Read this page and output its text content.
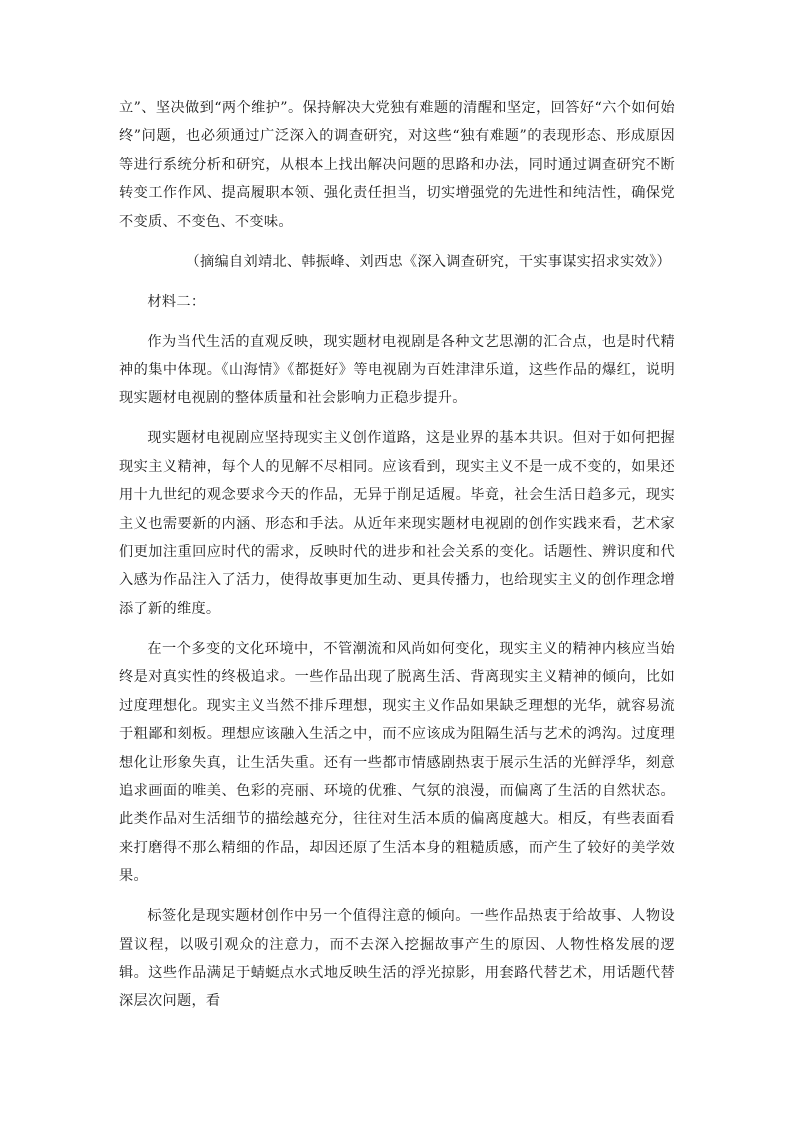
立”、坚决做到“两个维护”。保持解决大党独有难题的清醒和坚定，回答好“六个如何始终”问题，也必须通过广泛深入的调查研究，对这些“独有难题”的表现形态、形成原因等进行系统分析和研究，从根本上找出解决问题的思路和办法，同时通过调查研究不断转变工作作风、提高履职本领、强化责任担当，切实增强党的先进性和纯洁性，确保党不变质、不变色、不变味。

（摘编自刘靖北、韩振峰、刘西忠《深入调查研究，干实事谋实招求实效》）

材料二：

作为当代生活的直观反映，现实题材电视剧是各种文艺思潮的汇合点，也是时代精神的集中体现。《山海情》《都挺好》等电视剧为百姓津津乐道，这些作品的爆红，说明现实题材电视剧的整体质量和社会影响力正稳步提升。

现实题材电视剧应坚持现实主义创作道路，这是业界的基本共识。但对于如何把握现实主义精神，每个人的见解不尽相同。应该看到，现实主义不是一成不变的，如果还用十九世纪的观念要求今天的作品，无异于削足适履。毕竟，社会生活日趋多元，现实主义也需要新的内涵、形态和手法。从近年来现实题材电视剧的创作实践来看，艺术家们更加注重回应时代的需求，反映时代的进步和社会关系的变化。话题性、辨识度和代入感为作品注入了活力，使得故事更加生动、更具传播力，也给现实主义的创作理念增添了新的维度。

在一个多变的文化环境中，不管潮流和风尚如何变化，现实主义的精神内核应当始终是对真实性的终极追求。一些作品出现了脱离生活、背离现实主义精神的倾向，比如过度理想化。现实主义当然不排斥理想，现实主义作品如果缺乏理想的光华，就容易流于粗鄙和刻板。理想应该融入生活之中，而不应该成为阻隔生活与艺术的鸿沟。过度理想化让形象失真，让生活失重。还有一些都市情感剧热衷于展示生活的光鲜浮华，刻意追求画面的唯美、色彩的亮丽、环境的优雅、气氛的浪漫，而偏离了生活的自然状态。此类作品对生活细节的描绘越充分，往往对生活本质的偏离度越大。相反，有些表面看来打磨得不那么精细的作品，却因还原了生活本身的粗糙质感，而产生了较好的美学效果。

标签化是现实题材创作中另一个值得注意的倾向。一些作品热衷于给故事、人物设置议程，以吸引观众的注意力，而不去深入挖掘故事产生的原因、人物性格发展的逻辑。这些作品满足于蜻蜓点水式地反映生活的浮光掠影，用套路代替艺术，用话题代替深层次问题，看
